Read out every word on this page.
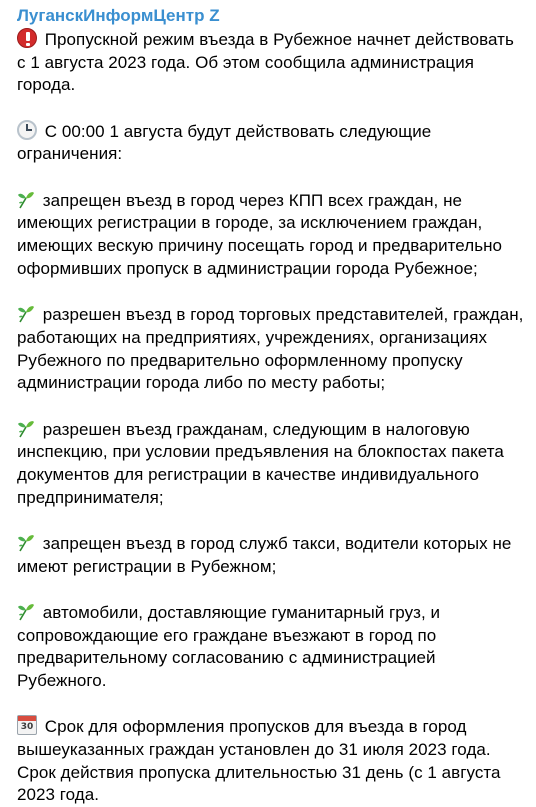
ЛуганскИнформЦентр Z

Пропускной режим въезда в Рубежное начнет действовать с 1 августа 2023 года. Об этом сообщила администрация города.

С 00:00 1 августа будут действовать следующие ограничения:

запрещен въезд в город через КПП всех граждан, не имеющих регистрации в городе, за исключением граждан, имеющих вескую причину посещать город и предварительно оформивших пропуск в администрации города Рубежное;

разрешен въезд в город торговых представителей, граждан, работающих на предприятиях, учреждениях, организациях Рубежного по предварительно оформленному пропуску администрации города либо по месту работы;

разрешен въезд гражданам, следующим в налоговую инспекцию, при условии предъявления на блокпостах пакета документов для регистрации в качестве индивидуального предпринимателя;

запрещен въезд в город служб такси, водители которых не имеют регистрации в Рубежном;

автомобили, доставляющие гуманитарный груз, и сопровождающие его граждане въезжают в город по предварительному согласованию с администрацией Рубежного.

30 Срок для оформления пропусков для въезда в город вышеуказанных граждан установлен до 31 июля 2023 года. Срок действия пропуска длительностью 31 день (с 1 августа 2023 года.
